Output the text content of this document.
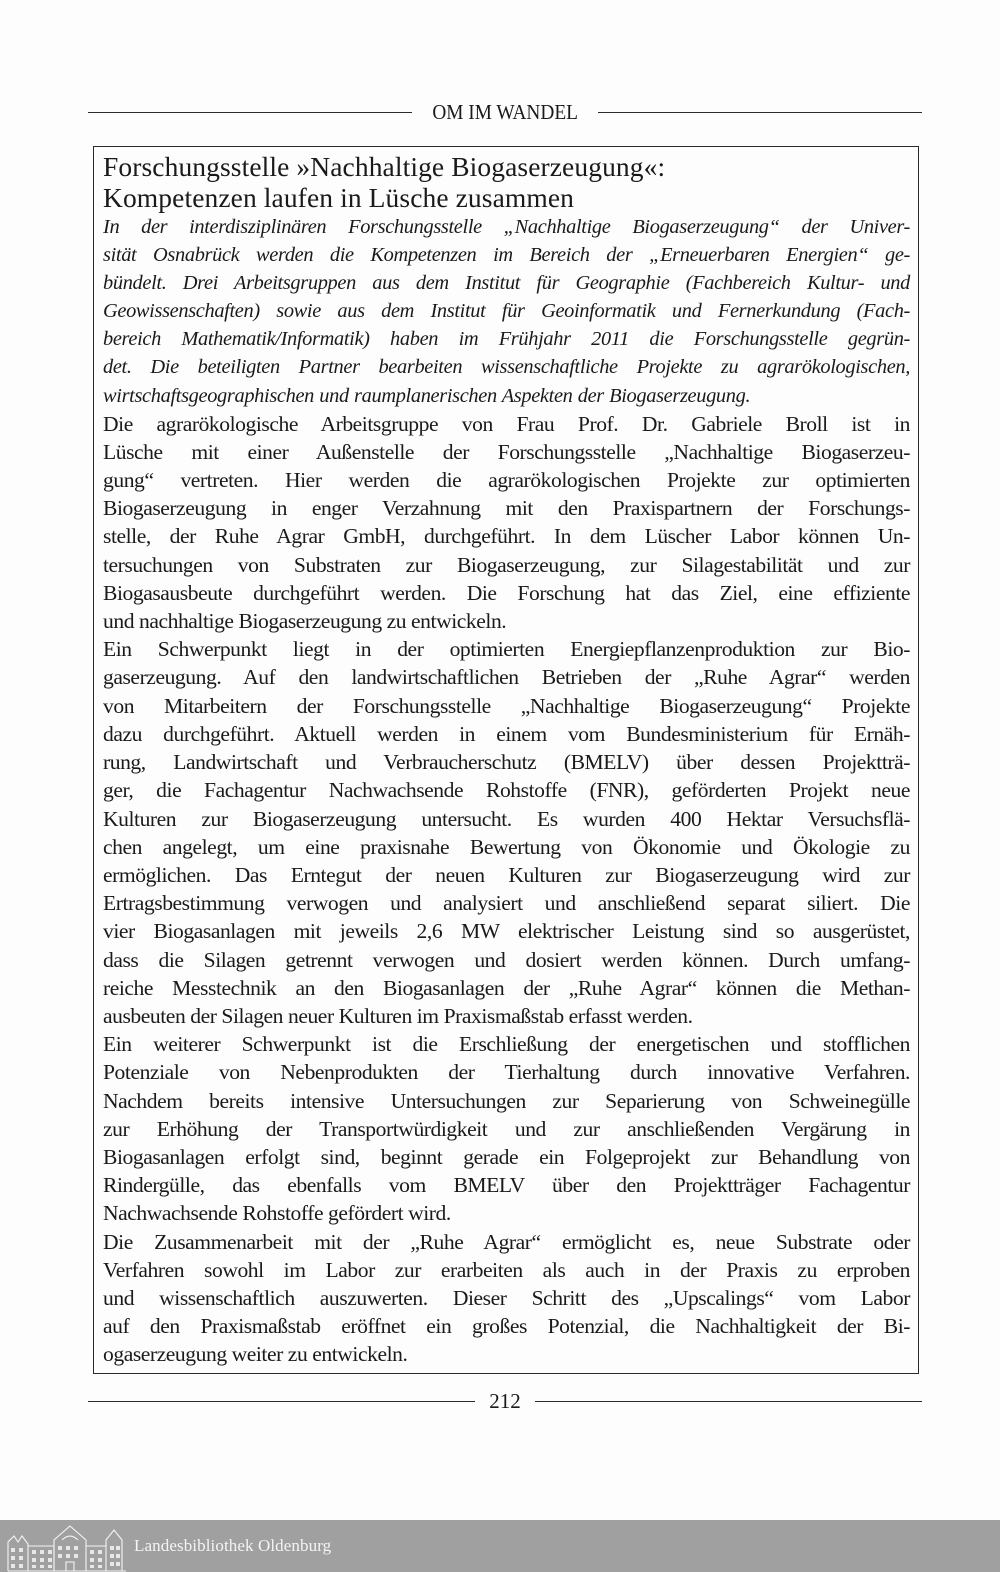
OM IM WANDEL
Forschungsstelle »Nachhaltige Biogaserzeugung«:
Kompetenzen laufen in Lüsche zusammen

In der interdisziplinären Forschungsstelle „Nachhaltige Biogaserzeugung“ der Univer-
sität Osnabrück werden die Kompetenzen im Bereich der „Erneuerbaren Energien“ ge-
bündelt. Drei Arbeitsgruppen aus dem Institut für Geographie (Fachbereich Kultur- und
Geowissenschaften) sowie aus dem Institut für Geoinformatik und Fernerkundung (Fach-
bereich Mathematik/Informatik) haben im Frühjahr 2011 die Forschungsstelle gegrün-
det. Die beteiligten Partner bearbeiten wissenschaftliche Projekte zu agrarökologischen,
wirtschaftsgeographischen und raumplanerischen Aspekten der Biogaserzeugung.

Die agrarökologische Arbeitsgruppe von Frau Prof. Dr. Gabriele Broll ist in
Lüsche mit einer Außenstelle der Forschungsstelle „Nachhaltige Biogaserzeu-
gung“ vertreten. Hier werden die agrarökologischen Projekte zur optimierten
Biogaserzeugung in enger Verzahnung mit den Praxispartnern der Forschungs-
stelle, der Ruhe Agrar GmbH, durchgeführt. In dem Lüscher Labor können Un-
tersuchungen von Substraten zur Biogaserzeugung, zur Silagestabilität und zur
Biogasausbeute durchgeführt werden. Die Forschung hat das Ziel, eine effiziente
und nachhaltige Biogaserzeugung zu entwickeln.

Ein Schwerpunkt liegt in der optimierten Energiepflanzenproduktion zur Bio-
gaserzeugung. Auf den landwirtschaftlichen Betrieben der „Ruhe Agrar“ werden
von Mitarbeitern der Forschungsstelle „Nachhaltige Biogaserzeugung“ Projekte
dazu durchgeführt. Aktuell werden in einem vom Bundesministerium für Ernäh-
rung, Landwirtschaft und Verbraucherschutz (BMELV) über dessen Projektträ-
ger, die Fachagentur Nachwachsende Rohstoffe (FNR), geförderten Projekt neue
Kulturen zur Biogaserzeugung untersucht. Es wurden 400 Hektar Versuchsflä-
chen angelegt, um eine praxisnahe Bewertung von Ökonomie und Ökologie zu
ermöglichen. Das Erntegut der neuen Kulturen zur Biogaserzeugung wird zur
Ertragsbestimmung verwogen und analysiert und anschließend separat siliert. Die
vier Biogasanlagen mit jeweils 2,6 MW elektrischer Leistung sind so ausgerüstet,
dass die Silagen getrennt verwogen und dosiert werden können. Durch umfang-
reiche Messtechnik an den Biogasanlagen der „Ruhe Agrar“ können die Methan-
ausbeuten der Silagen neuer Kulturen im Praxismaßstab erfasst werden.

Ein weiterer Schwerpunkt ist die Erschließung der energetischen und stofflichen
Potenziale von Nebenprodukten der Tierhaltung durch innovative Verfahren.
Nachdem bereits intensive Untersuchungen zur Separierung von Schweinegülle
zur Erhöhung der Transportwürdigkeit und zur anschließenden Vergärung in
Biogasanlagen erfolgt sind, beginnt gerade ein Folgeprojekt zur Behandlung von
Rindergülle, das ebenfalls vom BMELV über den Projektträger Fachagentur
Nachwachsende Rohstoffe gefördert wird.

Die Zusammenarbeit mit der „Ruhe Agrar“ ermöglicht es, neue Substrate oder
Verfahren sowohl im Labor zur erarbeiten als auch in der Praxis zu erproben
und wissenschaftlich auszuwerten. Dieser Schritt des „Upscalings“ vom Labor
auf den Praxismaßstab eröffnet ein großes Potenzial, die Nachhaltigkeit der Bi-
ogaserzeugung weiter zu entwickeln.

212
Landesbibliothek Oldenburg
